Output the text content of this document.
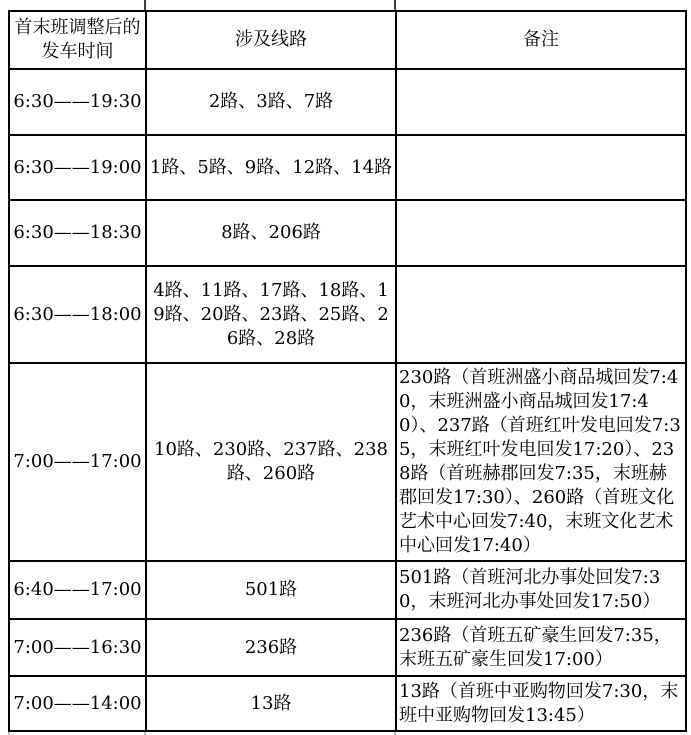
首末班调整后的发车时间	涉及线路	备注
6:30——19:30	2路、3路、7路	
6:30——19:00	1路、5路、9路、12路、14路	
6:30——18:30	8路、206路	
6:30——18:00	4路、11路、17路、18路、19路、20路、23路、25路、26路、28路	
7:00——17:00	10路、230路、237路、238路、260路	230路（首班洲盛小商品城回发7:40，末班洲盛小商品城回发17:40）、237路（首班红叶发电回发7:35，末班红叶发电回发17:20）、238路（首班赫郡回发7:35，末班赫郡回发17:30）、260路（首班文化艺术中心回发7:40，末班文化艺术中心回发17:40）
6:40——17:00	501路	501路（首班河北办事处回发7:30，末班河北办事处回发17:50）
7:00——16:30	236路	236路（首班五矿豪生回发7:35，末班五矿豪生回发17:00）
7:00——14:00	13路	13路（首班中亚购物回发7:30，末班中亚购物回发13:45）
